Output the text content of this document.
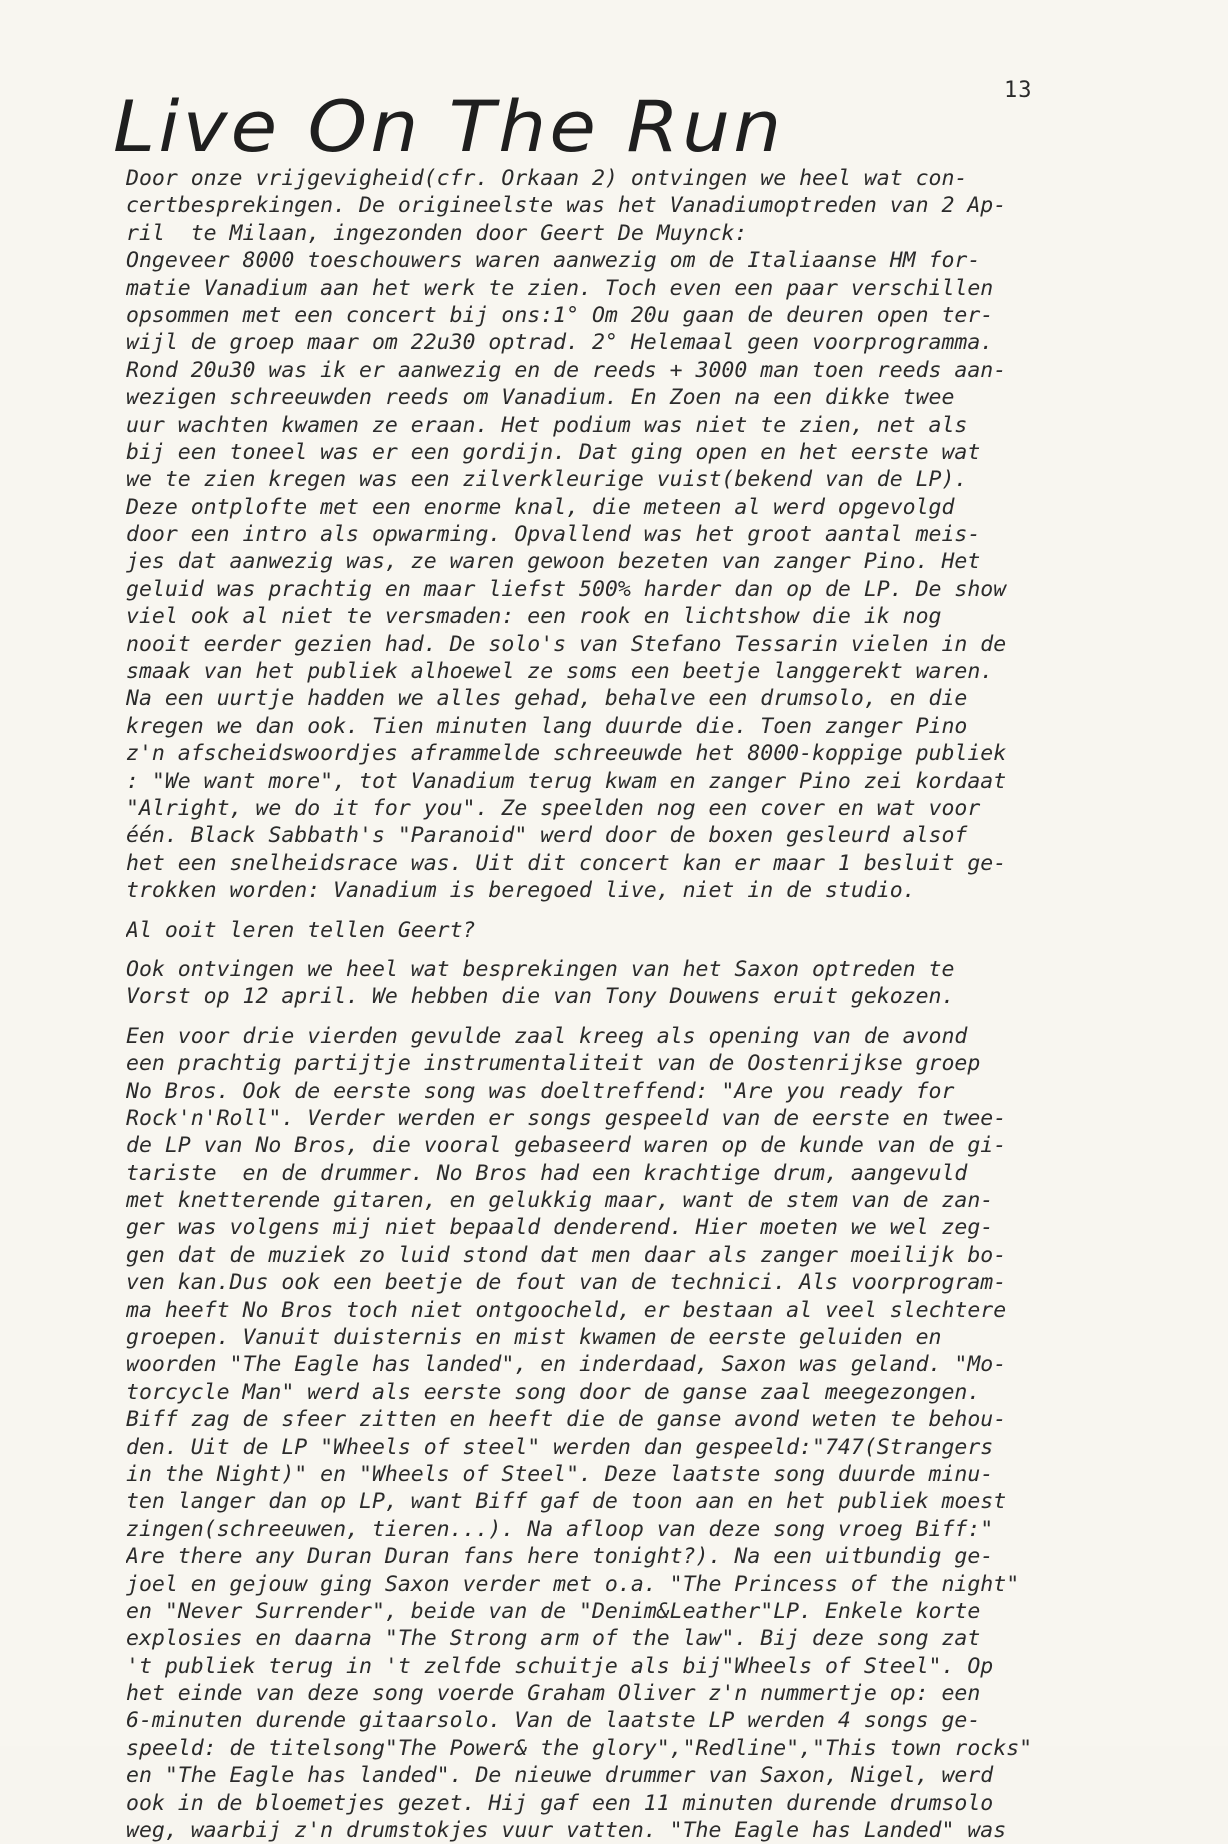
13
Live On The Run
Door onze vrijgevigheid(cfr. Orkaan 2) ontvingen we heel wat con-
certbesprekingen. De origineelste was het Vanadiumoptreden van 2 Ap-
ril  te Milaan, ingezonden door Geert De Muynck:
Ongeveer 8000 toeschouwers waren aanwezig om de Italiaanse HM for-
matie Vanadium aan het werk te zien. Toch even een paar verschillen
opsommen met een concert bij ons:1° Om 20u gaan de deuren open ter-
wijl de groep maar om 22u30 optrad. 2° Helemaal geen voorprogramma.
Rond 20u30 was ik er aanwezig en de reeds + 3000 man toen reeds aan-
wezigen schreeuwden reeds om Vanadium. En Zoen na een dikke twee
uur wachten kwamen ze eraan. Het podium was niet te zien, net als
bij een toneel was er een gordijn. Dat ging open en het eerste wat
we te zien kregen was een zilverkleurige vuist(bekend van de LP).
Deze ontplofte met een enorme knal, die meteen al werd opgevolgd
door een intro als opwarming. Opvallend was het groot aantal meis-
jes dat aanwezig was, ze waren gewoon bezeten van zanger Pino. Het
geluid was prachtig en maar liefst 500% harder dan op de LP. De show
viel ook al niet te versmaden: een rook en lichtshow die ik nog
nooit eerder gezien had. De solo's van Stefano Tessarin vielen in de
smaak van het publiek alhoewel ze soms een beetje langgerekt waren.
Na een uurtje hadden we alles gehad, behalve een drumsolo, en die
kregen we dan ook. Tien minuten lang duurde die. Toen zanger Pino
z'n afscheidswoordjes aframmelde schreeuwde het 8000-koppige publiek
: "We want more", tot Vanadium terug kwam en zanger Pino zei kordaat
"Alright, we do it for you". Ze speelden nog een cover en wat voor
één. Black Sabbath's "Paranoid" werd door de boxen gesleurd alsof
het een snelheidsrace was. Uit dit concert kan er maar 1 besluit ge-
trokken worden: Vanadium is beregoed live, niet in de studio.
Al ooit leren tellen Geert?
Ook ontvingen we heel wat besprekingen van het Saxon optreden te
Vorst op 12 april. We hebben die van Tony Douwens eruit gekozen.
Een voor drie vierden gevulde zaal kreeg als opening van de avond
een prachtig partijtje instrumentaliteit van de Oostenrijkse groep
No Bros. Ook de eerste song was doeltreffend: "Are you ready for
Rock'n'Roll". Verder werden er songs gespeeld van de eerste en twee-
de LP van No Bros, die vooral gebaseerd waren op de kunde van de gi-
tariste  en de drummer. No Bros had een krachtige drum, aangevuld
met knetterende gitaren, en gelukkig maar, want de stem van de zan-
ger was volgens mij niet bepaald denderend. Hier moeten we wel zeg-
gen dat de muziek zo luid stond dat men daar als zanger moeilijk bo-
ven kan.Dus ook een beetje de fout van de technici. Als voorprogram-
ma heeft No Bros toch niet ontgoocheld, er bestaan al veel slechtere
groepen. Vanuit duisternis en mist kwamen de eerste geluiden en
woorden "The Eagle has landed", en inderdaad, Saxon was geland. "Mo-
torcycle Man" werd als eerste song door de ganse zaal meegezongen.
Biff zag de sfeer zitten en heeft die de ganse avond weten te behou-
den. Uit de LP "Wheels of steel" werden dan gespeeld:"747(Strangers
in the Night)" en "Wheels of Steel". Deze laatste song duurde minu-
ten langer dan op LP, want Biff gaf de toon aan en het publiek moest
zingen(schreeuwen, tieren...). Na afloop van deze song vroeg Biff:"
Are there any Duran Duran fans here tonight?). Na een uitbundig ge-
joel en gejouw ging Saxon verder met o.a. "The Princess of the night"
en "Never Surrender", beide van de "Denim&Leather"LP. Enkele korte
explosies en daarna "The Strong arm of the law". Bij deze song zat
't publiek terug in 't zelfde schuitje als bij"Wheels of Steel". Op
het einde van deze song voerde Graham Oliver z'n nummertje op: een
6-minuten durende gitaarsolo. Van de laatste LP werden 4 songs ge-
speeld: de titelsong"The Power& the glory","Redline","This town rocks"
en "The Eagle has landed". De nieuwe drummer van Saxon, Nigel, werd
ook in de bloemetjes gezet. Hij gaf een 11 minuten durende drumsolo
weg, waarbij z'n drumstokjes vuur vatten. "The Eagle has Landed" was
